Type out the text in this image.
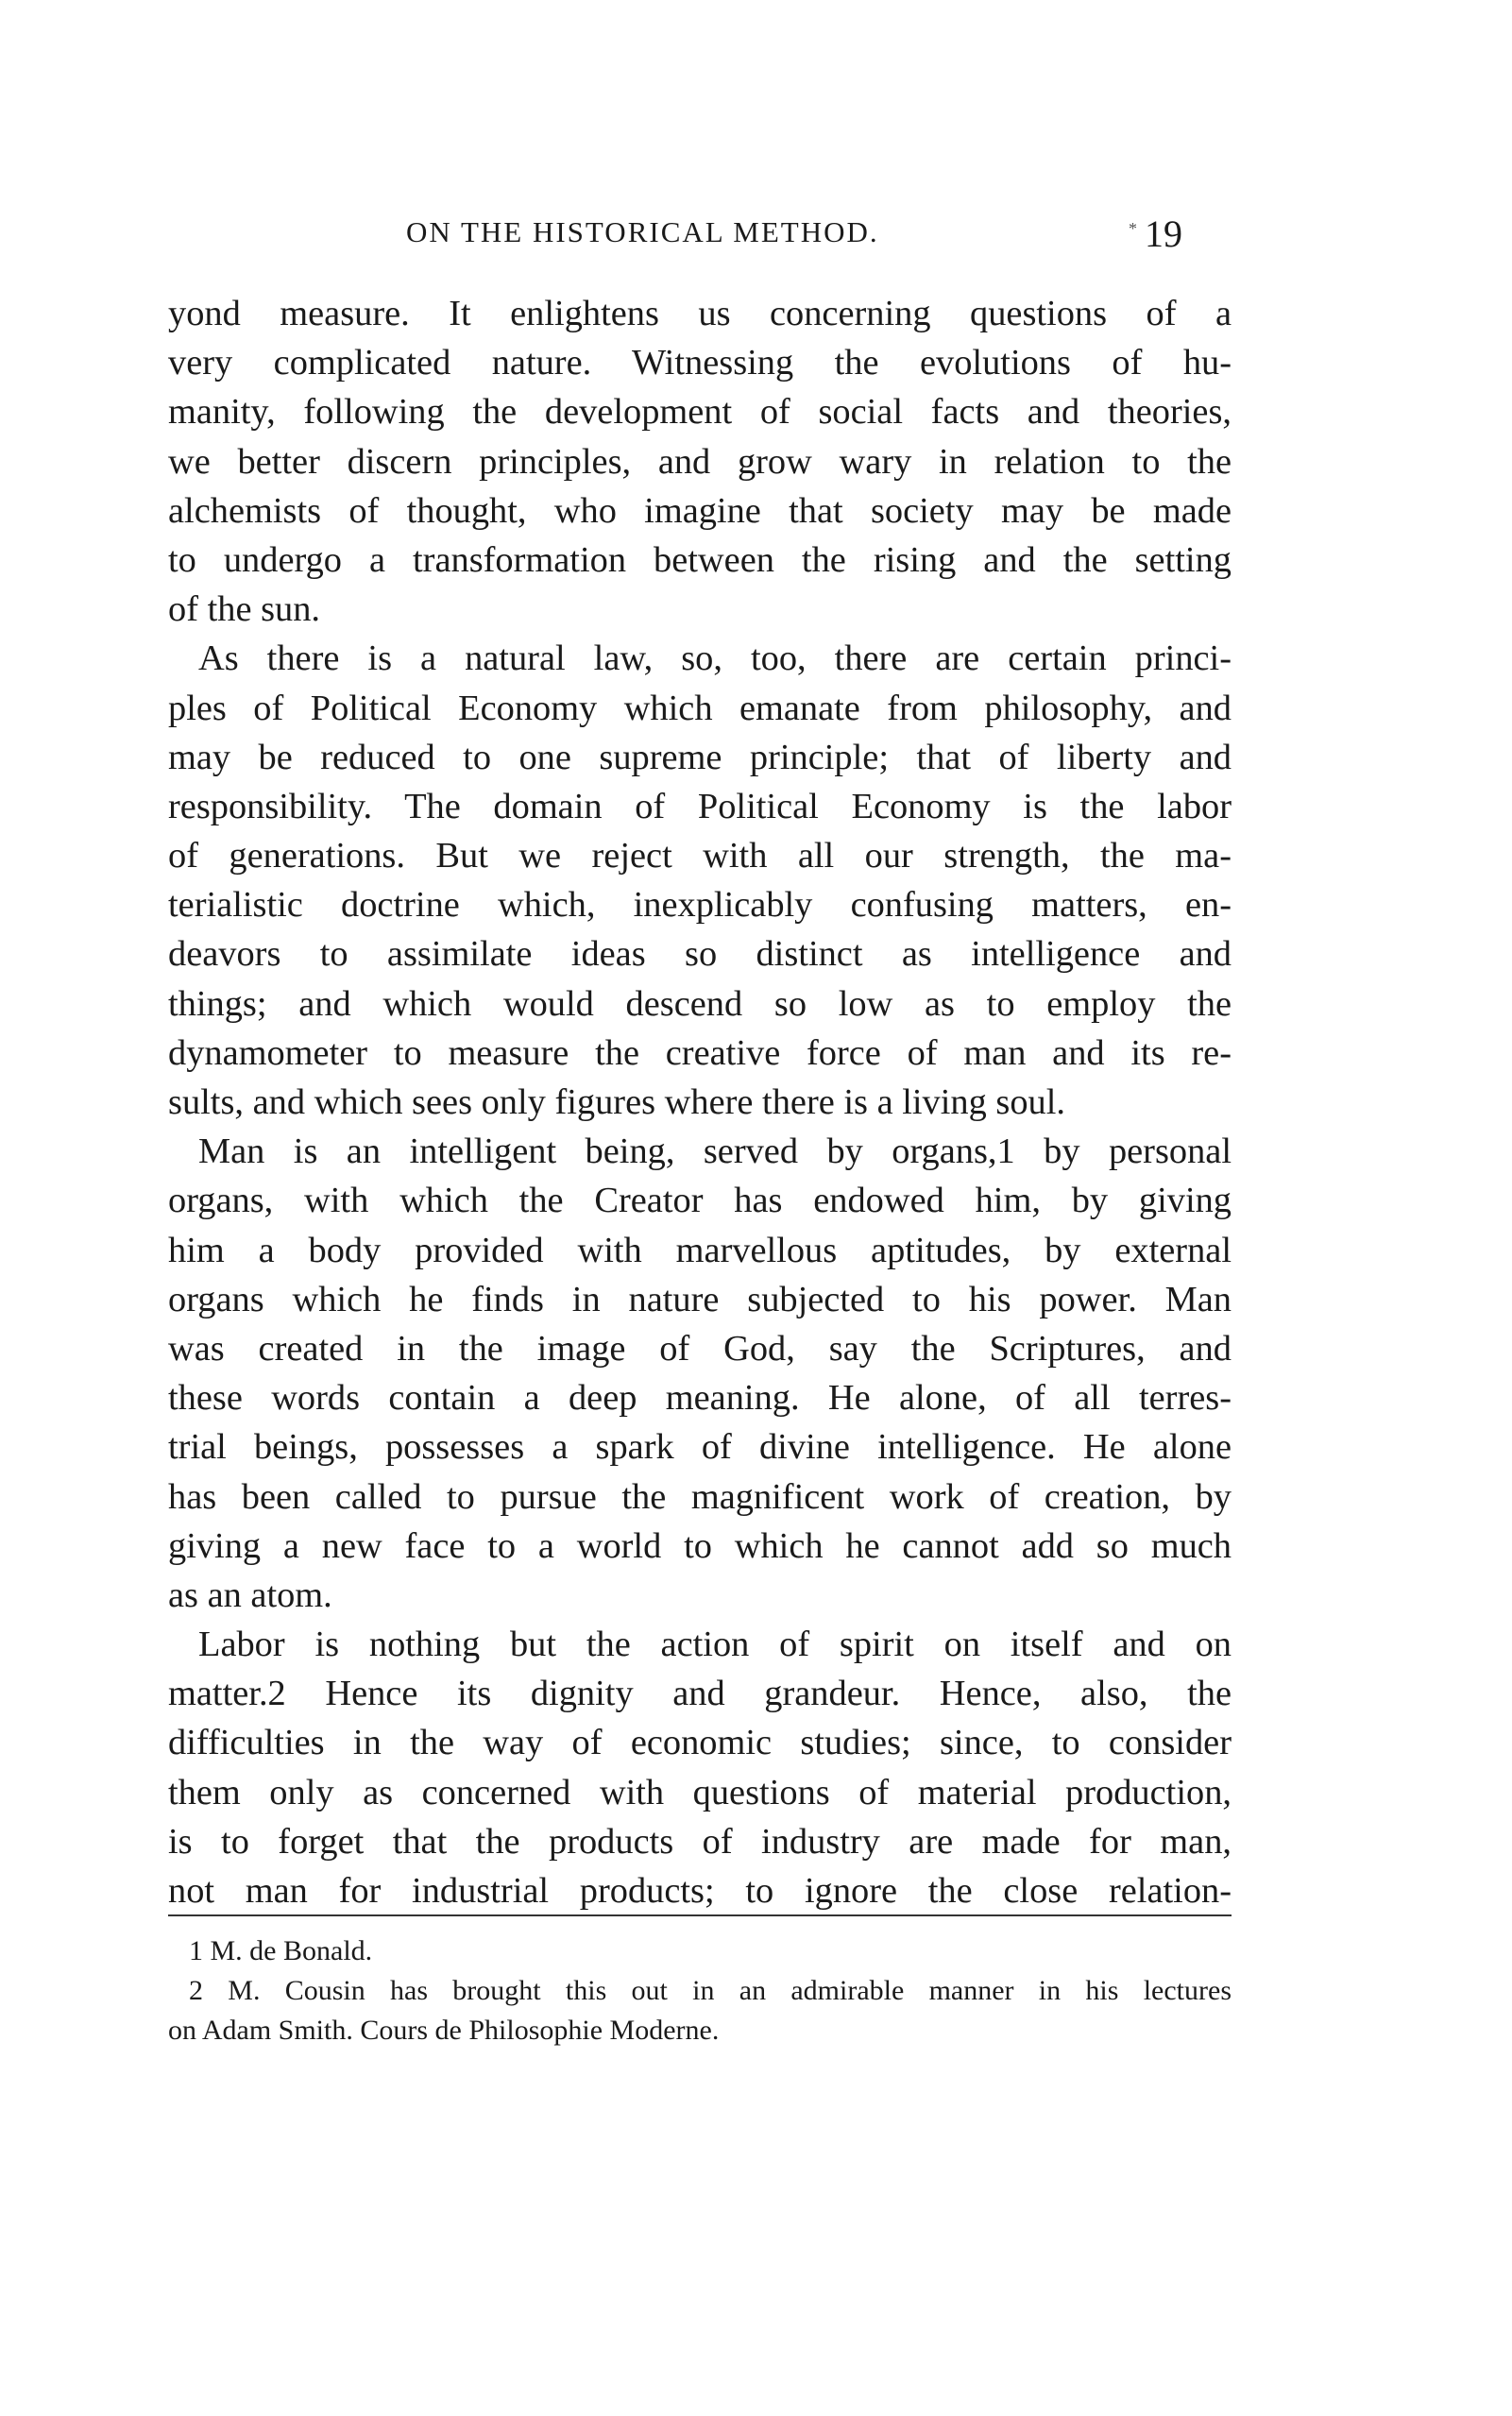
ON THE HISTORICAL METHOD.	* 19
yond measure. It enlightens us concerning questions of a
very complicated nature. Witnessing the evolutions of hu-
manity, following the development of social facts and theories,
we better discern principles, and grow wary in relation to the
alchemists of thought, who imagine that society may be made
to undergo a transformation between the rising and the setting
of the sun.
As there is a natural law, so, too, there are certain princi-
ples of Political Economy which emanate from philosophy, and
may be reduced to one supreme principle; that of liberty and
responsibility. The domain of Political Economy is the labor
of generations. But we reject with all our strength, the ma-
terialistic doctrine which, inexplicably confusing matters, en-
deavors to assimilate ideas so distinct as intelligence and
things; and which would descend so low as to employ the
dynamometer to measure the creative force of man and its re-
sults, and which sees only figures where there is a living soul.
Man is an intelligent being, served by organs,1 by personal
organs, with which the Creator has endowed him, by giving
him a body provided with marvellous aptitudes, by external
organs which he finds in nature subjected to his power. Man
was created in the image of God, say the Scriptures, and
these words contain a deep meaning. He alone, of all terres-
trial beings, possesses a spark of divine intelligence. He alone
has been called to pursue the magnificent work of creation, by
giving a new face to a world to which he cannot add so much
as an atom.
Labor is nothing but the action of spirit on itself and on
matter.2 Hence its dignity and grandeur. Hence, also, the
difficulties in the way of economic studies; since, to consider
them only as concerned with questions of material production,
is to forget that the products of industry are made for man,
not man for industrial products; to ignore the close relation-
1 M. de Bonald.
2 M. Cousin has brought this out in an admirable manner in his lectures
on Adam Smith. Cours de Philosophie Moderne.
